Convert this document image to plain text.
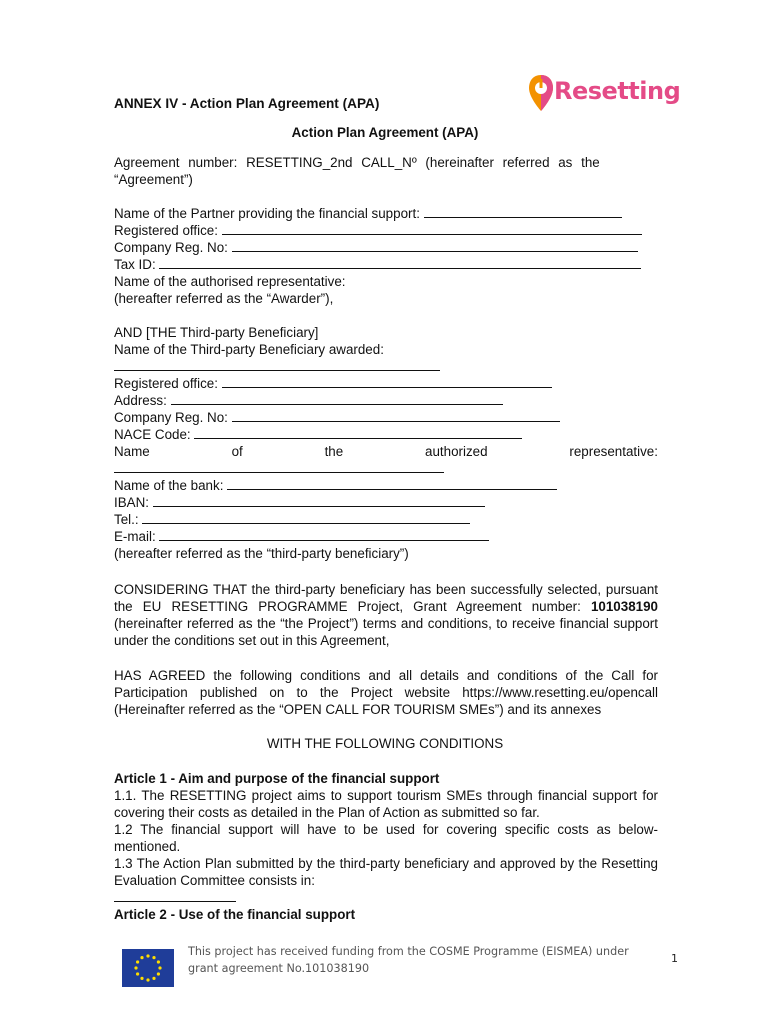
Resetting
ANNEX IV - Action Plan Agreement (APA)
Action Plan Agreement (APA)
Agreement number: RESETTING_2nd CALL_Nº (hereinafter referred as the
“Agreement”)
Name of the Partner providing the financial support:
Registered office:
Company Reg. No:
Tax ID:
Name of the authorised representative:
(hereafter referred as the “Awarder”),
AND [THE Third-party Beneficiary]
Name of the Third-party Beneficiary awarded:
Registered office:
Address:
Company Reg. No:
NACE Code:
Name	of	the	authorized	representative:
Name of the bank:
IBAN:
Tel.:
E-mail:
(hereafter referred as the “third-party beneficiary”)
CONSIDERING THAT the third-party beneficiary has been successfully selected, pursuant the EU RESETTING PROGRAMME Project, Grant Agreement number: 101038190 (hereinafter referred as the “the Project”) terms and conditions, to receive financial support under the conditions set out in this Agreement,
HAS AGREED the following conditions and all details and conditions of the Call for Participation published on to the Project website https://www.resetting.eu/opencall (Hereinafter referred as the “OPEN CALL FOR TOURISM SMEs”) and its annexes
WITH THE FOLLOWING CONDITIONS
Article 1 - Aim and purpose of the financial support

1.1. The RESETTING project aims to support tourism SMEs through financial support for covering their costs as detailed in the Plan of Action as submitted so far.

1.2 The financial support will have to be used for covering specific costs as below-mentioned.

1.3 The Action Plan submitted by the third-party beneficiary and approved by the Resetting Evaluation Committee consists in:

Article 2 - Use of the financial support
This project has received funding from the COSME Programme (EISMEA) under
grant agreement No.101038190
1
